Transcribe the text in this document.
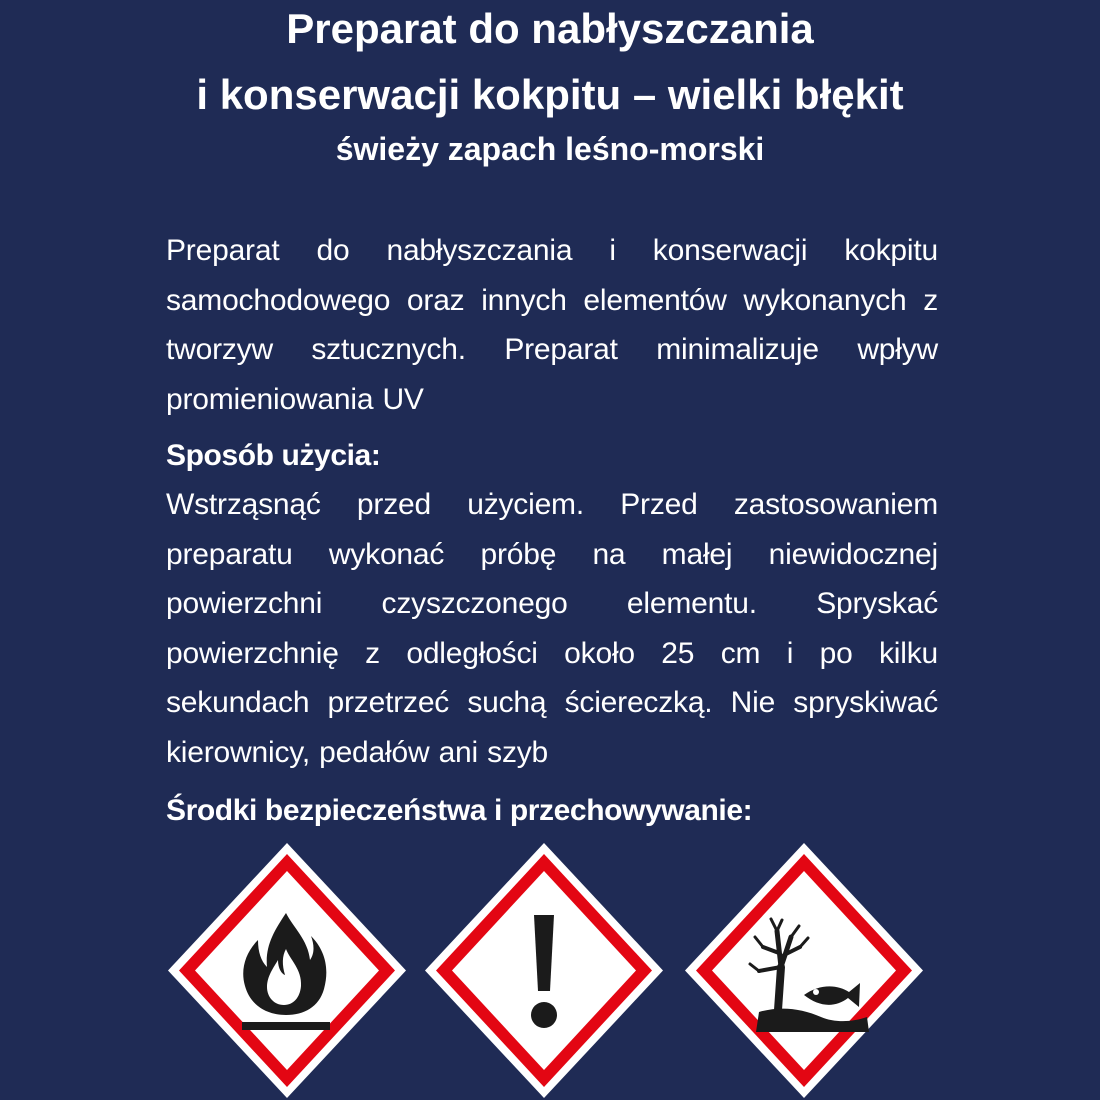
Preparat do nabłyszczania
i konserwacji kokpitu – wielki błękit
świeży zapach leśno-morski

Preparat do nabłyszczania i konserwacji kokpitu samochodowego oraz innych elementów wykonanych z tworzyw sztucznych. Preparat minimalizuje wpływ promieniowania UV

Sposób użycia:

Wstrząsnąć przed użyciem. Przed zastosowaniem preparatu wykonać próbę na małej niewidocznej powierzchni czyszczonego elementu. Spryskać powierzchnię z odległości około 25 cm i po kilku sekundach przetrzeć suchą ściereczką. Nie spryskiwać kierownicy, pedałów ani szyb

Środki bezpieczeństwa i przechowywanie:
